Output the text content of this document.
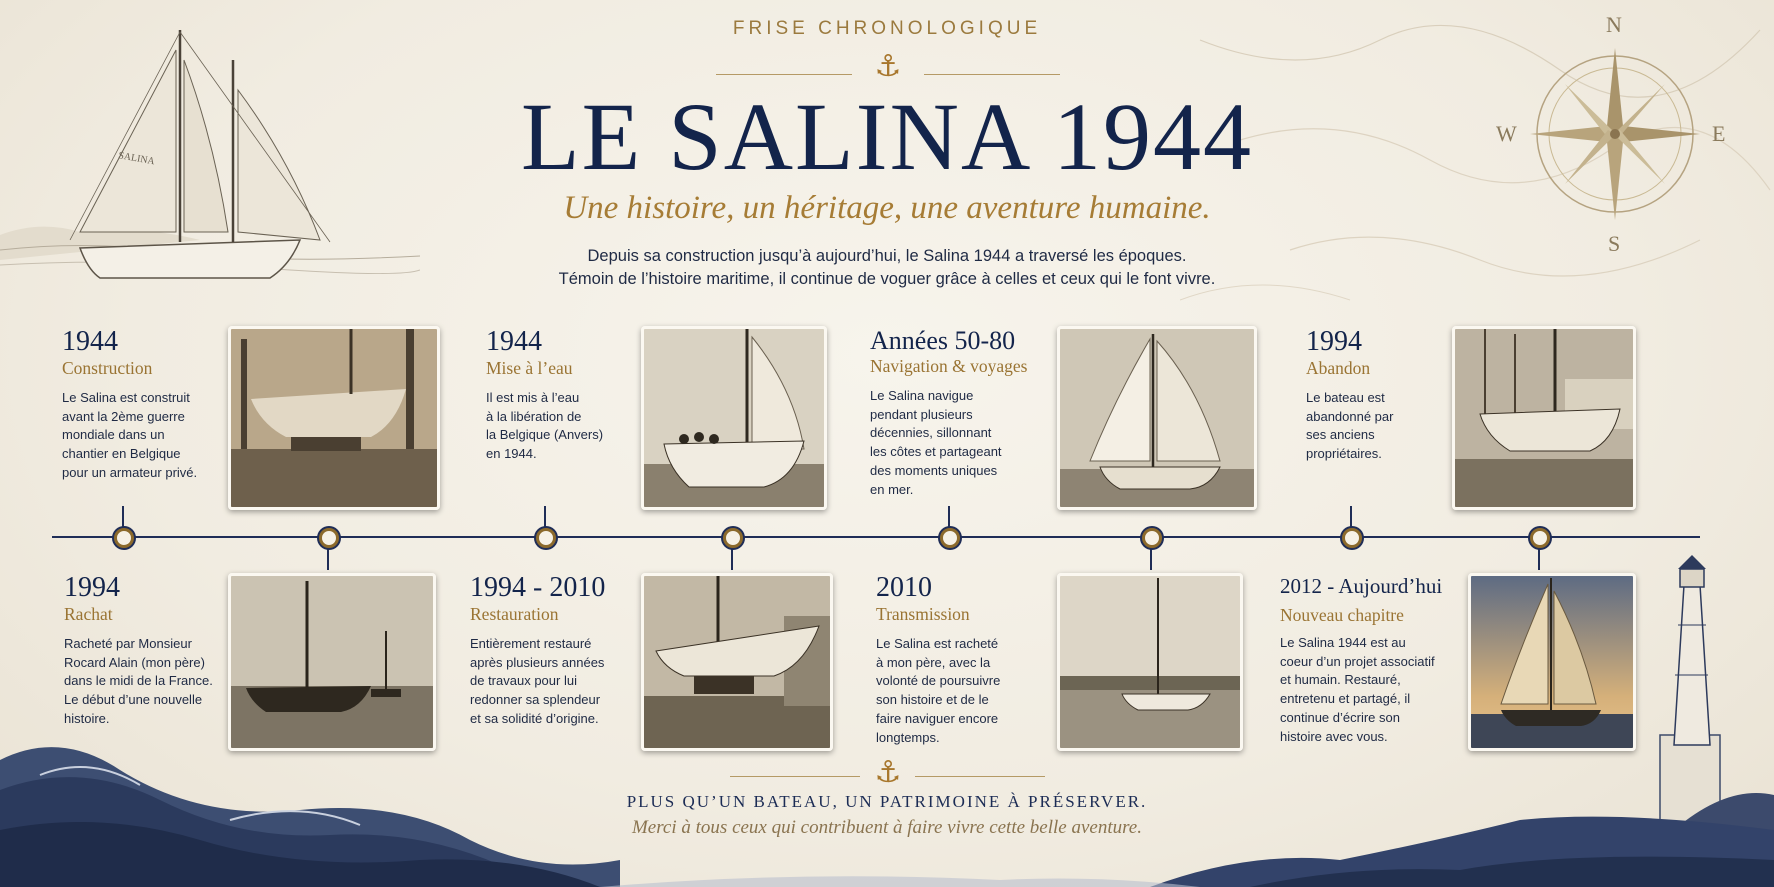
SALINA
N
S
W	E
FRISE CHRONOLOGIQUE
⚓
LE SALINA 1944
Une histoire, un héritage, une aventure humaine.
Depuis sa construction jusqu’à aujourd’hui, le Salina 1944 a traversé les époques.
Témoin de l’histoire maritime, il continue de voguer grâce à celles et ceux qui le font vivre.
1944
Construction
Le Salina est construit
avant la 2ème guerre
mondiale dans un
chantier en Belgique
pour un armateur privé.
1944
Mise à l’eau
Il est mis à l’eau
à la libération de
la Belgique (Anvers)
en 1944.
Années 50-80
Navigation & voyages
Le Salina navigue
pendant plusieurs
décennies, sillonnant
les côtes et partageant
des moments uniques
en mer.
1994
Abandon
Le bateau est
abandonné par
ses anciens
propriétaires.
1994
Rachat
Racheté par Monsieur
Rocard Alain (mon père)
dans le midi de la France.
Le début d’une nouvelle
histoire.
1994 - 2010
Restauration
Entièrement restauré
après plusieurs années
de travaux pour lui
redonner sa splendeur
et sa solidité d’origine.
2010
Transmission
Le Salina est racheté
à mon père, avec la
volonté de poursuivre
son histoire et de le
faire naviguer encore
longtemps.
2012 - Aujourd’hui
Nouveau chapitre
Le Salina 1944 est au
coeur d’un projet associatif
et humain. Restauré,
entretenu et partagé, il
continue d’écrire son
histoire avec vous.
⚓
PLUS QU’UN BATEAU, UN PATRIMOINE À PRÉSERVER.
Merci à tous ceux qui contribuent à faire vivre cette belle aventure.
